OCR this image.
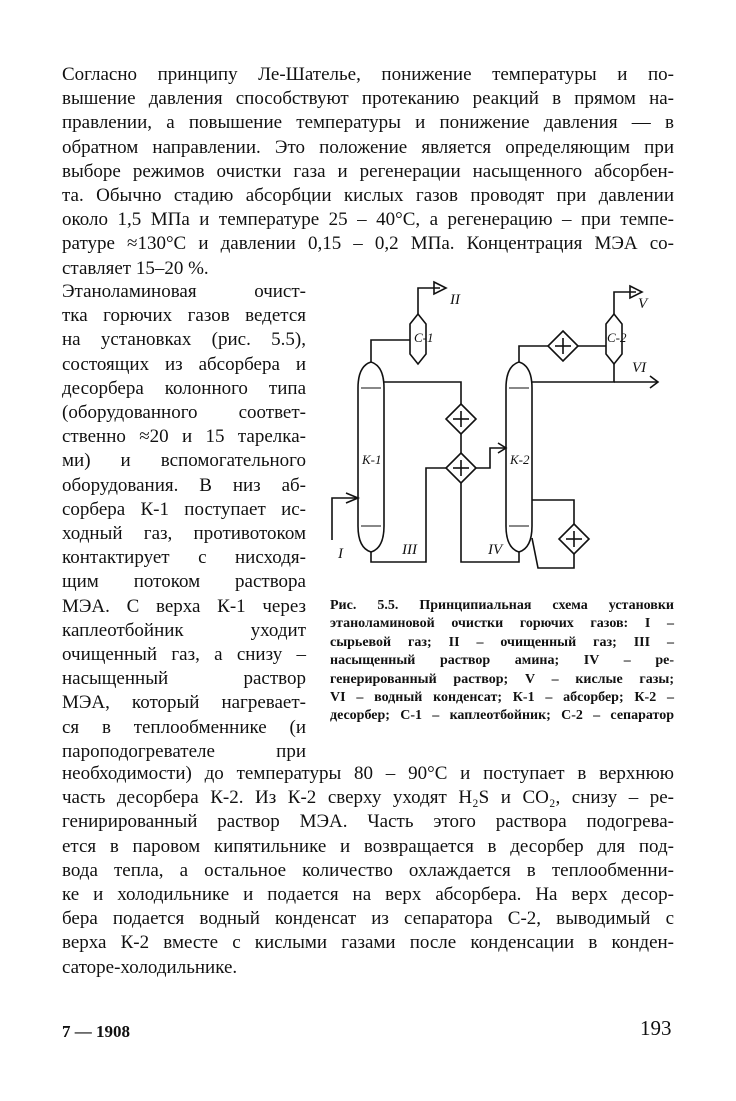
Согласно принципу Ле-Шателье, понижение температуры и по-
вышение давления способствуют протеканию реакций в прямом на-
правлении, а повышение температуры и понижение давления — в
обратном направлении. Это положение является определяющим при
выборе режимов очистки газа и регенерации насыщенного абсорбен-
та. Обычно стадию абсорбции кислых газов проводят при давлении
около 1,5 МПа и температуре 25 – 40°С, а регенерацию – при темпе-
ратуре ≈130°С и давлении 0,15 – 0,2 МПа. Концентрация МЭА со-
ставляет 15–20 %.
Этаноламиновая очист-
тка горючих газов ведется
на установках (рис. 5.5),
состоящих из абсорбера и
десорбера колонного типа
(оборудованного соответ-
ственно ≈20 и 15 тарелка-
ми) и вспомогательного
оборудования. В низ аб-
сорбера К-1 поступает ис-
ходный газ, противотоком
контактирует с нисходя-
щим потоком раствора
МЭА. С верха К-1 через
каплеотбойник уходит
очищенный газ, а снизу –
насыщенный раствор
МЭА, который нагревает-
ся в теплообменнике (и
пароподогревателе при
К-1	К-2
С-1	С-2
I
II
III	IV
V
VI
Рис. 5.5. Принципиальная схема установки
этаноламиновой очистки горючих газов: I –
сырьевой газ; II – очищенный газ; III –
насыщенный раствор амина; IV – ре-
генерированный раствор; V – кислые газы;
VI – водный конденсат; К-1 – абсорбер; К-2 –
десорбер; С-1 – каплеотбойник; С-2 – сепаратор
необходимости) до температуры 80 – 90°С и поступает в верхнюю
часть десорбера К-2. Из К-2 сверху уходят H₂S и CO₂, снизу – ре-
генирированный раствор МЭА. Часть этого раствора подогрева-
ется в паровом кипятильнике и возвращается в десорбер для под-
вода тепла, а остальное количество охлаждается в теплообменни-
ке и холодильнике и подается на верх абсорбера. На верх десор-
бера подается водный конденсат из сепаратора С-2, выводимый с
верха К-2 вместе с кислыми газами после конденсации в конден-
саторе-холодильнике.
7 — 1908	193
